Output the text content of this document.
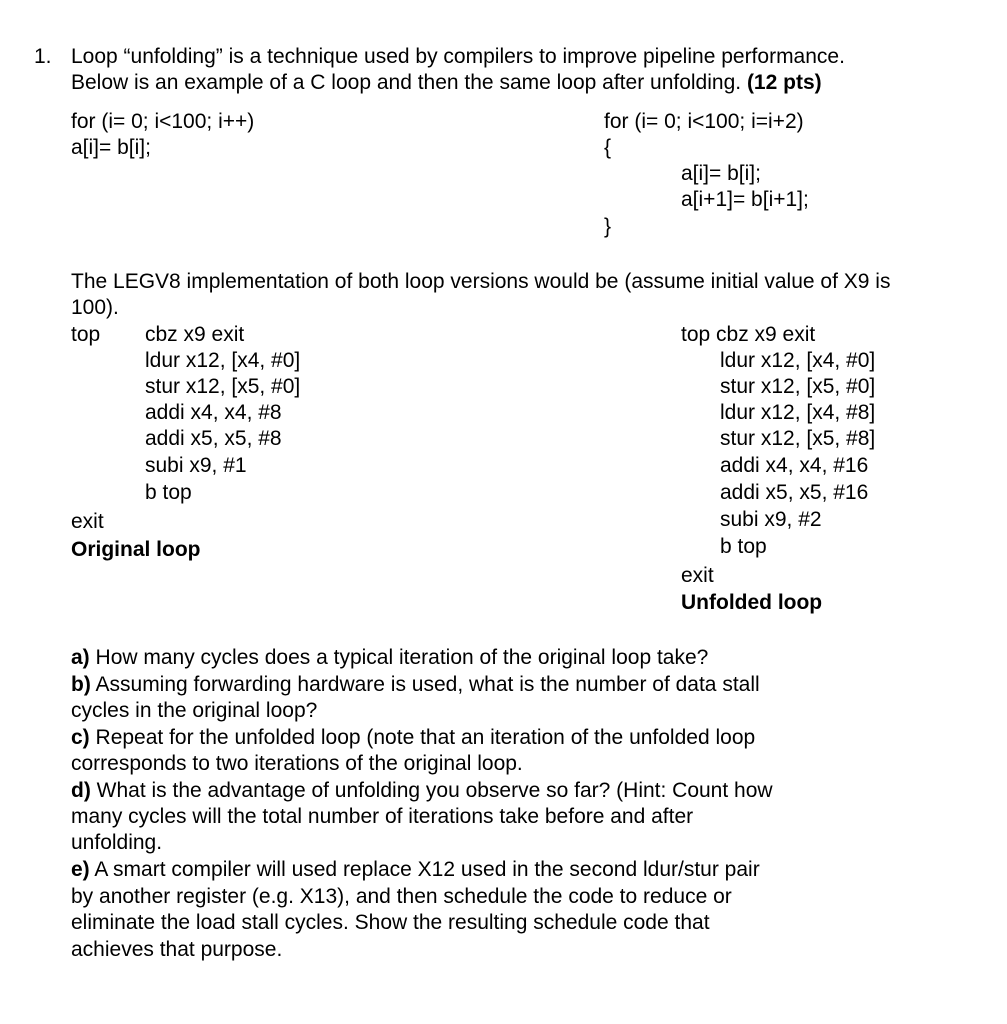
1. Loop “unfolding” is a technique used by compilers to improve pipeline performance.
Below is an example of a C loop and then the same loop after unfolding. (12 pts)
for (i= 0; i<100; i++)
a[i]= b[i];
for (i= 0; i<100; i=i+2)
{
a[i]= b[i];
a[i+1]= b[i+1];
}
The LEGV8 implementation of both loop versions would be (assume initial value of X9 is
100).
top cbz x9 exit
ldur x12, [x4, #0]
stur x12, [x5, #0]
addi x4, x4, #8
addi x5, x5, #8
subi x9, #1
b top
exit
Original loop
top cbz x9 exit
ldur x12, [x4, #0]
stur x12, [x5, #0]
ldur x12, [x4, #8]
stur x12, [x5, #8]
addi x4, x4, #16
addi x5, x5, #16
subi x9, #2
b top
exit
Unfolded loop
a) How many cycles does a typical iteration of the original loop take?
b) Assuming forwarding hardware is used, what is the number of data stall
cycles in the original loop?
c) Repeat for the unfolded loop (note that an iteration of the unfolded loop
corresponds to two iterations of the original loop.
d) What is the advantage of unfolding you observe so far? (Hint: Count how
many cycles will the total number of iterations take before and after
unfolding.
e) A smart compiler will used replace X12 used in the second ldur/stur pair
by another register (e.g. X13), and then schedule the code to reduce or
eliminate the load stall cycles. Show the resulting schedule code that
achieves that purpose.
